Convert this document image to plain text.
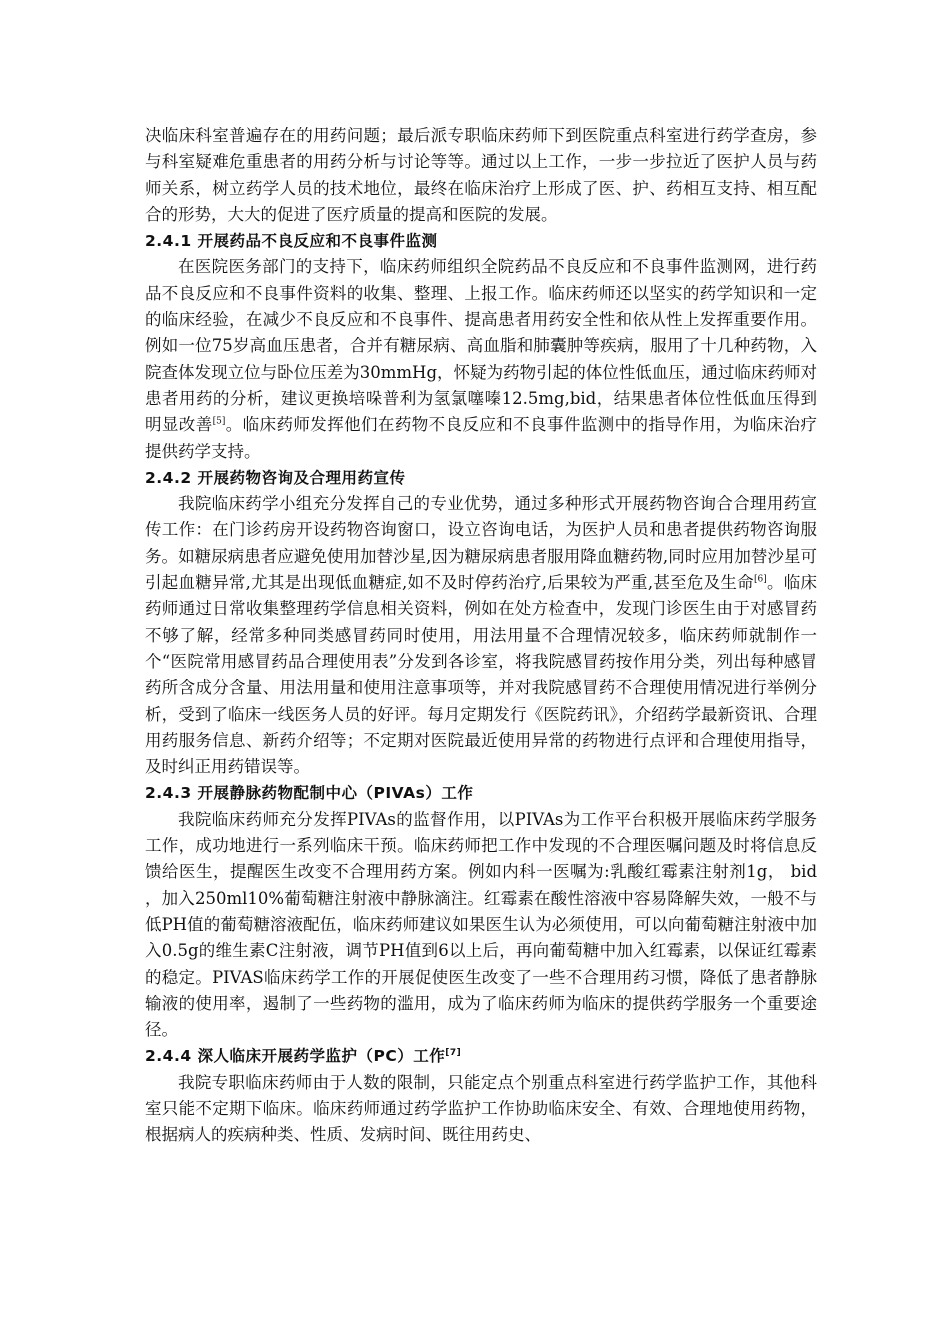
决临床科室普遍存在的用药问题；最后派专职临床药师下到医院重点科室进行药学查房，参与科室疑难危重患者的用药分析与讨论等等。通过以上工作，一步一步拉近了医护人员与药师关系，树立药学人员的技术地位，最终在临床治疗上形成了医、护、药相互支持、相互配合的形势，大大的促进了医疗质量的提高和医院的发展。

2.4.1 开展药品不良反应和不良事件监测

在医院医务部门的支持下，临床药师组织全院药品不良反应和不良事件监测网，进行药品不良反应和不良事件资料的收集、整理、上报工作。临床药师还以坚实的药学知识和一定的临床经验，在减少不良反应和不良事件、提高患者用药安全性和依从性上发挥重要作用。例如一位75岁高血压患者，合并有糖尿病、高血脂和肺囊肿等疾病，服用了十几种药物，入院查体发现立位与卧位压差为30mmHg，怀疑为药物引起的体位性低血压，通过临床药师对患者用药的分析，建议更换培哚普利为氢氯噻嗪12.5mg,bid，结果患者体位性低血压得到明显改善[5]。临床药师发挥他们在药物不良反应和不良事件监测中的指导作用，为临床治疗提供药学支持。

2.4.2 开展药物咨询及合理用药宣传

我院临床药学小组充分发挥自己的专业优势，通过多种形式开展药物咨询合合理用药宣传工作：在门诊药房开设药物咨询窗口，设立咨询电话，为医护人员和患者提供药物咨询服务。如糖尿病患者应避免使用加替沙星,因为糖尿病患者服用降血糖药物,同时应用加替沙星可引起血糖异常,尤其是出现低血糖症,如不及时停药治疗,后果较为严重,甚至危及生命[6]。临床药师通过日常收集整理药学信息相关资料，例如在处方检查中，发现门诊医生由于对感冒药不够了解，经常多种同类感冒药同时使用，用法用量不合理情况较多，临床药师就制作一个“医院常用感冒药品合理使用表”分发到各诊室，将我院感冒药按作用分类，列出每种感冒药所含成分含量、用法用量和使用注意事项等，并对我院感冒药不合理使用情况进行举例分析，受到了临床一线医务人员的好评。每月定期发行《医院药讯》，介绍药学最新资讯、合理用药服务信息、新药介绍等；不定期对医院最近使用异常的药物进行点评和合理使用指导，及时纠正用药错误等。

2.4.3 开展静脉药物配制中心（PIVAs）工作

我院临床药师充分发挥PIVAs的监督作用，以PIVAs为工作平台积极开展临床药学服务工作，成功地进行一系列临床干预。临床药师把工作中发现的不合理医嘱问题及时将信息反馈给医生，提醒医生改变不合理用药方案。例如内科一医嘱为:乳酸红霉素注射剂1g， bid ，加入250ml10%葡萄糖注射液中静脉滴注。红霉素在酸性溶液中容易降解失效，一般不与低PH值的葡萄糖溶液配伍，临床药师建议如果医生认为必须使用，可以向葡萄糖注射液中加入0.5g的维生素C注射液，调节PH值到6以上后，再向葡萄糖中加入红霉素，以保证红霉素的稳定。PIVAS临床药学工作的开展促使医生改变了一些不合理用药习惯，降低了患者静脉输液的使用率，遏制了一些药物的滥用，成为了临床药师为临床的提供药学服务一个重要途径。

2.4.4 深人临床开展药学监护（PC）工作[7]

我院专职临床药师由于人数的限制，只能定点个别重点科室进行药学监护工作，其他科室只能不定期下临床。临床药师通过药学监护工作协助临床安全、有效、合理地使用药物，根据病人的疾病种类、性质、发病时间、既往用药史、
